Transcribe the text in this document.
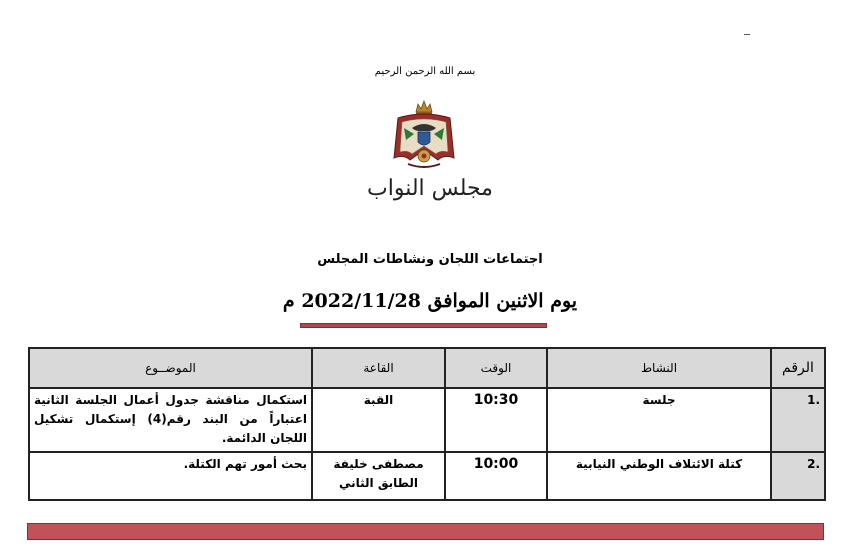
بسم الله الرحمن الرحيم
مجلس النواب
اجتماعات اللجان ونشاطات المجلس
يوم الاثنين الموافق 2022/11/28 م
الموضــوع	القاعة	الوقت	النشاط	الرقم
استكمال مناقشة جدول أعمال الجلسة الثانية اعتباراً من البند رقم(4) إستكمال تشكيل اللجان الدائمة.	القبة	10:30	جلسة	.1
بحث أمور تهم الكتلة.	مصطفى خليفة الطابق الثاني	10:00	كتلة الائتلاف الوطني النيابية	.2
